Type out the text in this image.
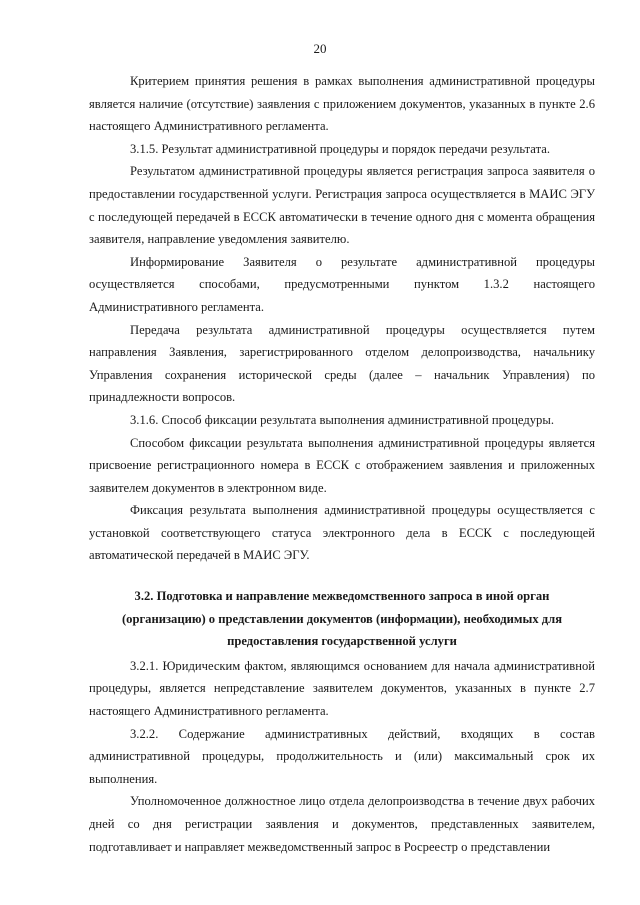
20

Критерием принятия решения в рамках выполнения административной процедуры является наличие (отсутствие) заявления с приложением документов, указанных в пункте 2.6 настоящего Административного регламента.

3.1.5. Результат административной процедуры и порядок передачи результата.

Результатом административной процедуры является регистрация запроса заявителя о предоставлении государственной услуги. Регистрация запроса осуществляется в МАИС ЭГУ с последующей передачей в ЕССК автоматически в течение одного дня с момента обращения заявителя, направление уведомления заявителю.

Информирование Заявителя о результате административной процедуры осуществляется способами, предусмотренными пунктом 1.3.2 настоящего Административного регламента.

Передача результата административной процедуры осуществляется путем направления Заявления, зарегистрированного отделом делопроизводства, начальнику Управления сохранения исторической среды (далее – начальник Управления) по принадлежности вопросов.

3.1.6. Способ фиксации результата выполнения административной процедуры.

Способом фиксации результата выполнения административной процедуры является присвоение регистрационного номера в ЕССК с отображением заявления и приложенных заявителем документов в электронном виде.

Фиксация результата выполнения административной процедуры осуществляется с установкой соответствующего статуса электронного дела в ЕССК с последующей автоматической передачей в МАИС ЭГУ.

3.2. Подготовка и направление межведомственного запроса в иной орган (организацию) о представлении документов (информации), необходимых для предоставления государственной услуги

3.2.1. Юридическим фактом, являющимся основанием для начала административной процедуры, является непредставление заявителем документов, указанных в пункте 2.7 настоящего Административного регламента.

3.2.2. Содержание административных действий, входящих в состав административной процедуры, продолжительность и (или) максимальный срок их выполнения.

Уполномоченное должностное лицо отдела делопроизводства в течение двух рабочих дней со дня регистрации заявления и документов, представленных заявителем, подготавливает и направляет межведомственный запрос в Росреестр о представлении
